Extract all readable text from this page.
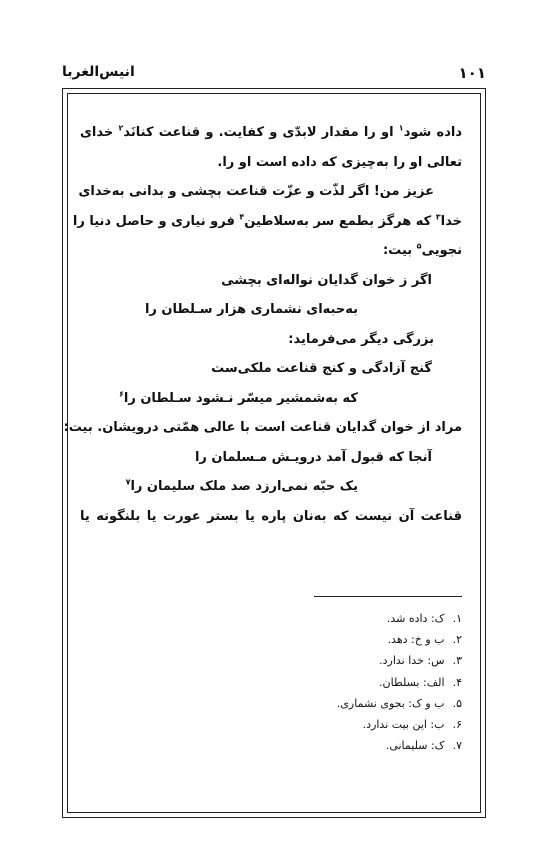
۱۰۱
انیس‌الغربا
داده شود$^۱$ او را مقدار لابدّی و کفایت. و قناعت کنانَد$^۲$ خدای
تعالی او را به‌چیزی که داده است او را.
عزیز من! اگر لذّت و عزّت قناعت بچشی و بدانی به‌خدای
خدا$^۳$ که هرگز بطمع سر به‌سلاطین$^۴$ فرو نیاری و حاصل دنیا را
نجویی$^۵$ بیت:
اگر ز خوان گدایان نواله‌ای بچشی
به‌حبه‌ای نشماری هزار سـلطان را
بزرگی دیگر می‌فرماید:
گنج آزادگی و کنج قناعت ملکی‌ست
که به‌شمشیر میسّر نـشود سـلطان را$^۶$
مراد از خوان گدایان قناعت است با عالی همّتی درویشان. بیت:
آنجا که قبول آمد درویـش مـسلمان را
یک حبّه نمی‌ارزد صد ملک سلیمان را$^۷$
قناعت آن نیست که به‌نان پاره یا بستر عورت یا بلنگوته یا
۱. ک: داده شد.
۲. ب و خ: دهد.
۳. س: خدا ندارد.
۴. الف: بسلطان.
۵. ب و ک: بجوی نشماری.
۶. ب: این بیت ندارد.
۷. ک: سلیمانی.
